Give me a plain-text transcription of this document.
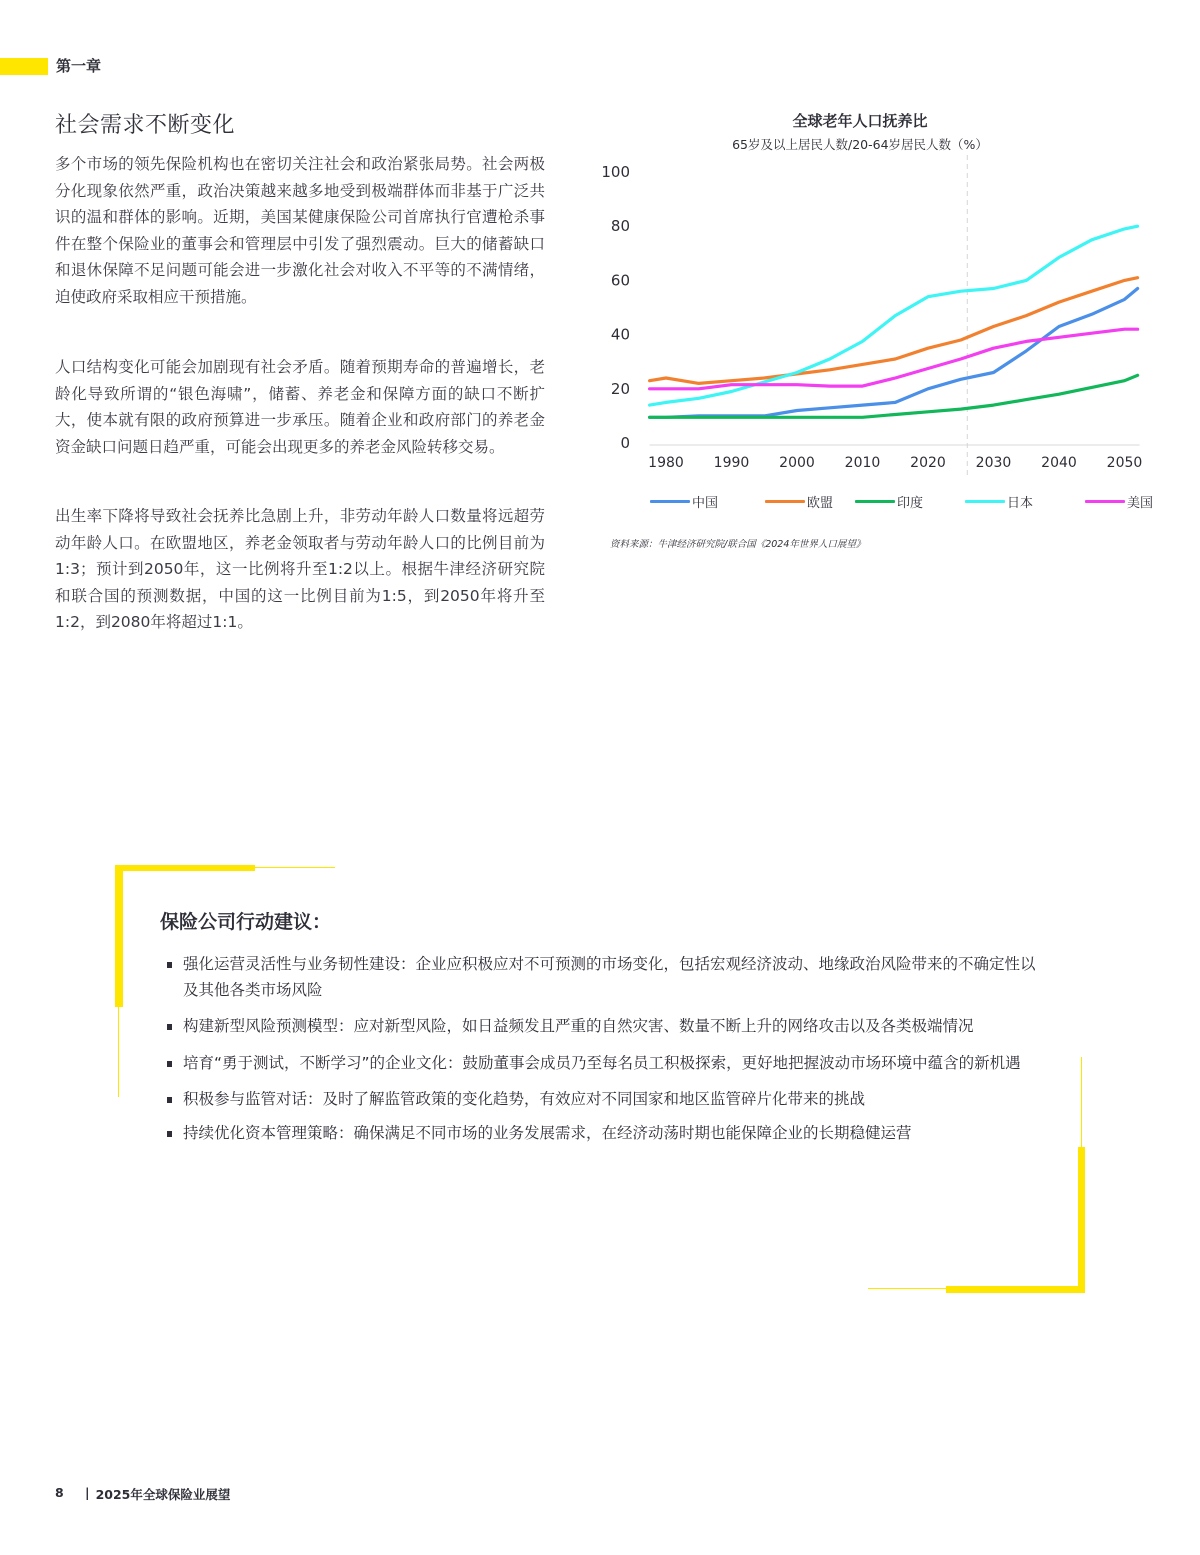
第一章
社会需求不断变化

多个市场的领先保险机构也在密切关注社会和政治紧张局势。社会两极分化现象依然严重，政治决策越来越多地受到极端群体而非基于广泛共识的温和群体的影响。近期，美国某健康保险公司首席执行官遭枪杀事件在整个保险业的董事会和管理层中引发了强烈震动。巨大的储蓄缺口和退休保障不足问题可能会进一步激化社会对收入不平等的不满情绪，迫使政府采取相应干预措施。

人口结构变化可能会加剧现有社会矛盾。随着预期寿命的普遍增长，老龄化导致所谓的“银色海啸”，储蓄、养老金和保障方面的缺口不断扩大，使本就有限的政府预算进一步承压。随着企业和政府部门的养老金资金缺口问题日趋严重，可能会出现更多的养老金风险转移交易。

出生率下降将导致社会抚养比急剧上升，非劳动年龄人口数量将远超劳动年龄人口。在欧盟地区，养老金领取者与劳动年龄人口的比例目前为1:3；预计到2050年，这一比例将升至1:2以上。根据牛津经济研究院和联合国的预测数据，中国的这一比例目前为1:5，到2050年将升至1:2，到2080年将超过1:1。

全球老年人口抚养比
65岁及以上居民人数/20-64岁居民人数（%）
0
20
40
60
80
100
1980 1990 2000 2010 2020 2030 2040 2050
中国	欧盟	印度	日本	美国
资料来源：牛津经济研究院/联合国《2024年世界人口展望》
保险公司行动建议：
强化运营灵活性与业务韧性建设：企业应积极应对不可预测的市场变化，包括宏观经济波动、地缘政治风险带来的不确定性以及其他各类市场风险
构建新型风险预测模型：应对新型风险，如日益频发且严重的自然灾害、数量不断上升的网络攻击以及各类极端情况
培育“勇于测试，不断学习”的企业文化：鼓励董事会成员乃至每名员工积极探索，更好地把握波动市场环境中蕴含的新机遇
积极参与监管对话：及时了解监管政策的变化趋势，有效应对不同国家和地区监管碎片化带来的挑战
持续优化资本管理策略：确保满足不同市场的业务发展需求，在经济动荡时期也能保障企业的长期稳健运营
8	| 2025年全球保险业展望
